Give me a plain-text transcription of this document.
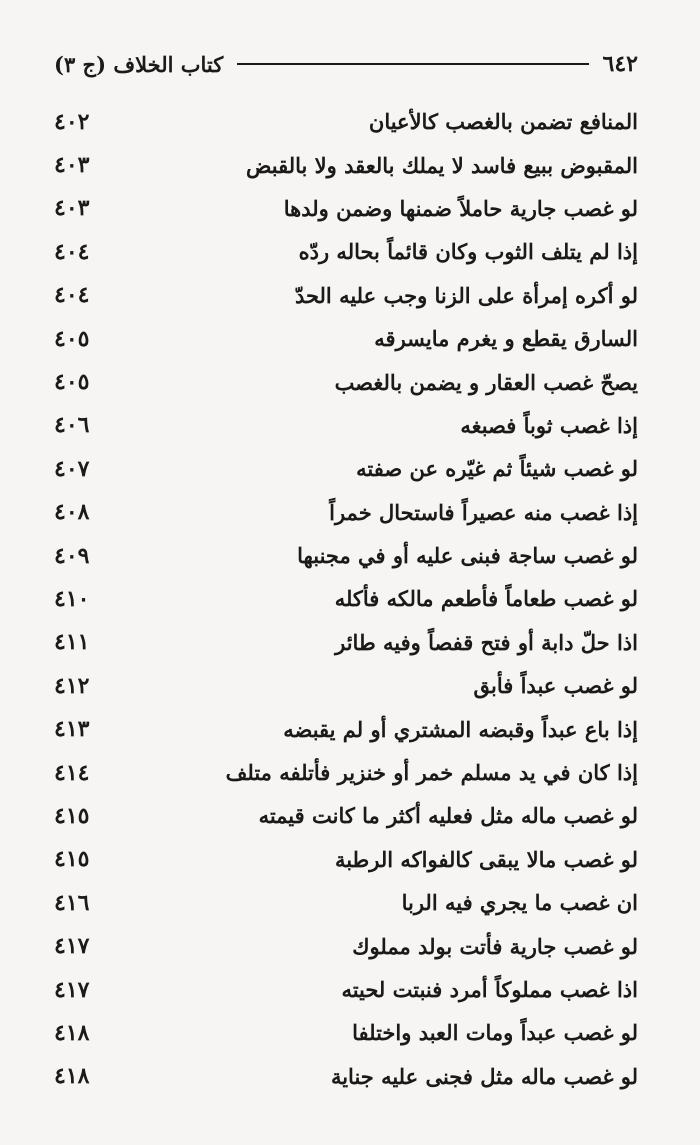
٦٤٢
كتاب الخلاف (ج ٣)
المنافع تضمن بالغصب كالأعيان
٤٠٢
المقبوض ببيع فاسد لا يملك بالعقد ولا بالقبض
٤٠٣
لو غصب جارية حاملاً ضمنها وضمن ولدها
٤٠٣
إذا لم يتلف الثوب وكان قائماً بحاله ردّه
٤٠٤
لو أكره إمرأة على الزنا وجب عليه الحدّ
٤٠٤
السارق يقطع و يغرم مايسرقه
٤٠٥
يصحّ غصب العقار و يضمن بالغصب
٤٠٥
إذا غصب ثوباً فصبغه
٤٠٦
لو غصب شيئاً ثم غيّره عن صفته
٤٠٧
إذا غصب منه عصيراً فاستحال خمراً
٤٠٨
لو غصب ساجة فبنى عليه أو في مجنبها
٤٠٩
لو غصب طعاماً فأطعم مالكه فأكله
٤١٠
اذا حلّ دابة أو فتح قفصاً وفيه طائر
٤١١
لو غصب عبداً فأبق
٤١٢
إذا باع عبداً وقبضه المشتري أو لم يقبضه
٤١٣
إذا كان في يد مسلم خمر أو خنزير فأتلفه متلف
٤١٤
لو غصب ماله مثل فعليه أكثر ما كانت قيمته
٤١٥
لو غصب مالا يبقى كالفواكه الرطبة
٤١٥
ان غصب ما يجري فيه الربا
٤١٦
لو غصب جارية فأتت بولد مملوك
٤١٧
اذا غصب مملوكاً أمرد فنبتت لحيته
٤١٧
لو غصب عبداً ومات العبد واختلفا
٤١٨
لو غصب ماله مثل فجنى عليه جناية
٤١٨
